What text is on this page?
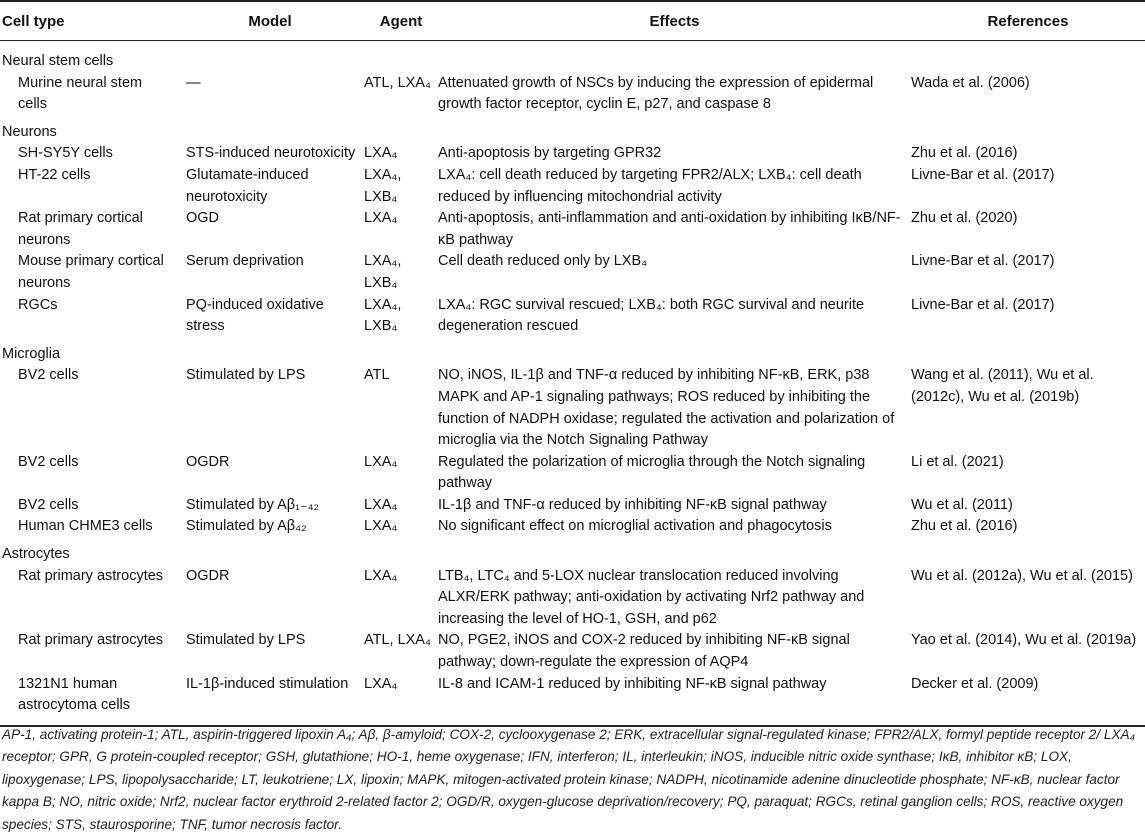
Cell type	Model	Agent	Effects	References
Neural stem cells				
Murine neural stem cells	—	ATL, LXA₄	Attenuated growth of NSCs by inducing the expression of epidermal growth factor receptor, cyclin E, p27, and caspase 8	Wada et al. (2006)
Neurons				
SH-SY5Y cells	STS-induced neurotoxicity	LXA₄	Anti-apoptosis by targeting GPR32	Zhu et al. (2016)
HT-22 cells	Glutamate-induced neurotoxicity	LXA₄, LXB₄	LXA₄: cell death reduced by targeting FPR2/ALX; LXB₄: cell death reduced by influencing mitochondrial activity	Livne-Bar et al. (2017)
Rat primary cortical neurons	OGD	LXA₄	Anti-apoptosis, anti-inflammation and anti-oxidation by inhibiting IκB/NF-κB pathway	Zhu et al. (2020)
Mouse primary cortical neurons	Serum deprivation	LXA₄, LXB₄	Cell death reduced only by LXB₄	Livne-Bar et al. (2017)
RGCs	PQ-induced oxidative stress	LXA₄, LXB₄	LXA₄: RGC survival rescued; LXB₄: both RGC survival and neurite degeneration rescued	Livne-Bar et al. (2017)
Microglia				
BV2 cells	Stimulated by LPS	ATL	NO, iNOS, IL-1β and TNF-α reduced by inhibiting NF-κB, ERK, p38 MAPK and AP-1 signaling pathways; ROS reduced by inhibiting the function of NADPH oxidase; regulated the activation and polarization of microglia via the Notch Signaling Pathway	Wang et al. (2011), Wu et al. (2012c), Wu et al. (2019b)
BV2 cells	OGDR	LXA₄	Regulated the polarization of microglia through the Notch signaling pathway	Li et al. (2021)
BV2 cells	Stimulated by Aβ₁₋₄₂	LXA₄	IL-1β and TNF-α reduced by inhibiting NF-κB signal pathway	Wu et al. (2011)
Human CHME3 cells	Stimulated by Aβ₄₂	LXA₄	No significant effect on microglial activation and phagocytosis	Zhu et al. (2016)
Astrocytes				
Rat primary astrocytes	OGDR	LXA₄	LTB₄, LTC₄ and 5-LOX nuclear translocation reduced involving ALXR/ERK pathway; anti-oxidation by activating Nrf2 pathway and increasing the level of HO-1, GSH, and p62	Wu et al. (2012a), Wu et al. (2015)
Rat primary astrocytes	Stimulated by LPS	ATL, LXA₄	NO, PGE2, iNOS and COX-2 reduced by inhibiting NF-κB signal pathway; down-regulate the expression of AQP4	Yao et al. (2014), Wu et al. (2019a)
1321N1 human astrocytoma cells	IL-1β-induced stimulation	LXA₄	IL-8 and ICAM-1 reduced by inhibiting NF-κB signal pathway	Decker et al. (2009)
AP-1, activating protein-1; ATL, aspirin-triggered lipoxin A₄; Aβ, β-amyloid; COX-2, cyclooxygenase 2; ERK, extracellular signal-regulated kinase; FPR2/ALX, formyl peptide receptor 2/ LXA₄ receptor; GPR, G protein-coupled receptor; GSH, glutathione; HO-1, heme oxygenase; IFN, interferon; IL, interleukin; iNOS, inducible nitric oxide synthase; IκB, inhibitor κB; LOX, lipoxygenase; LPS, lipopolysaccharide; LT, leukotriene; LX, lipoxin; MAPK, mitogen-activated protein kinase; NADPH, nicotinamide adenine dinucleotide phosphate; NF-κB, nuclear factor kappa B; NO, nitric oxide; Nrf2, nuclear factor erythroid 2-related factor 2; OGD/R, oxygen-glucose deprivation/recovery; PQ, paraquat; RGCs, retinal ganglion cells; ROS, reactive oxygen species; STS, staurosporine; TNF, tumor necrosis factor.
